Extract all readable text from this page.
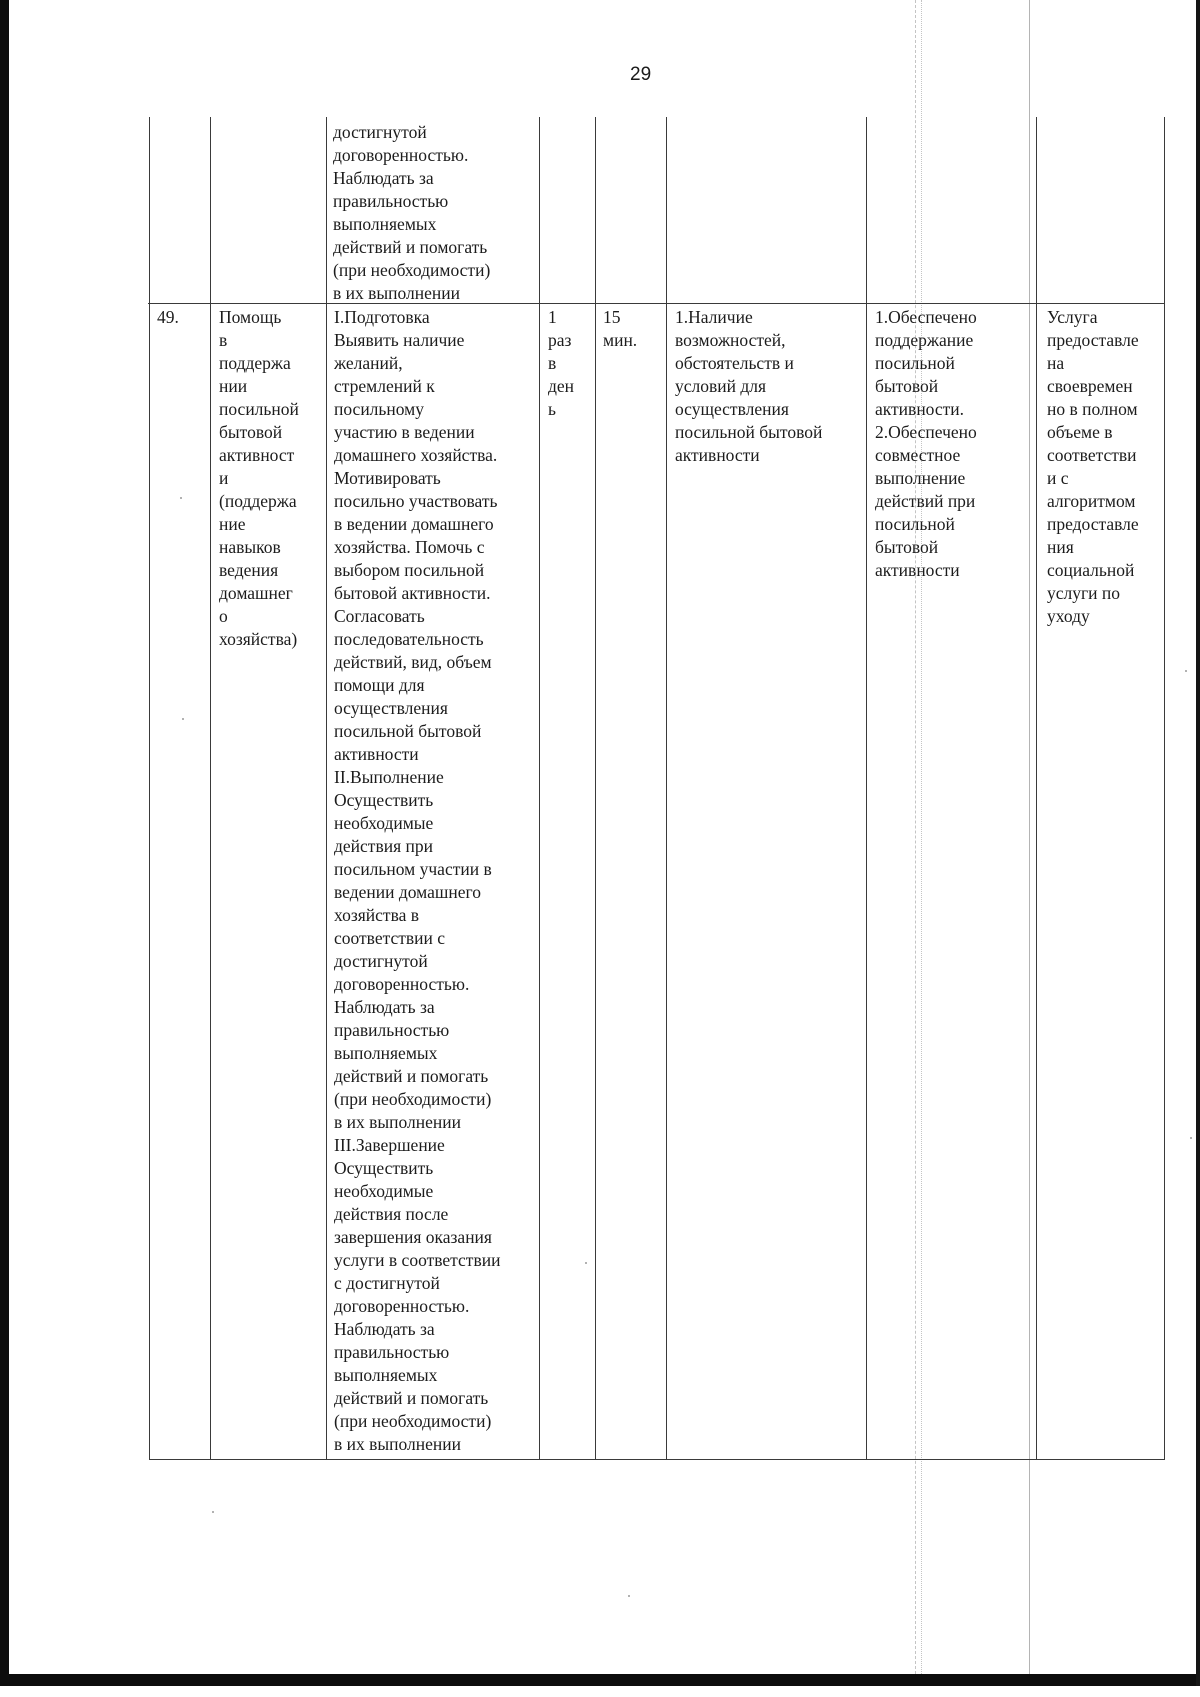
29
достигнутой
договоренностью.
Наблюдать за
правильностью
выполняемых
действий и помогать
(при необходимости)
в их выполнении
49. Помощь
в
поддержа
нии
посильной
бытовой
активност
и
(поддержа
ние
навыков
ведения
домашнег
о
хозяйства)
I.Подготовка
Выявить наличие
желаний,
стремлений к
посильному
участию в ведении
домашнего хозяйства.
Мотивировать
посильно участвовать
в ведении домашнего
хозяйства. Помочь с
выбором посильной
бытовой активности.
Согласовать
последовательность
действий, вид, объем
помощи для
осуществления
посильной бытовой
активности
II.Выполнение
Осуществить
необходимые
действия при
посильном участии в
ведении домашнего
хозяйства в
соответствии с
достигнутой
договоренностью.
Наблюдать за
правильностью
выполняемых
действий и помогать
(при необходимости)
в их выполнении
III.Завершение
Осуществить
необходимые
действия после
завершения оказания
услуги в соответствии
с достигнутой
договоренностью.
Наблюдать за
правильностью
выполняемых
действий и помогать
(при необходимости)
в их выполнении
1
раз
в
ден
ь
15
мин.
1.Наличие
возможностей,
обстоятельств и
условий для
осуществления
посильной бытовой
активности
1.Обеспечено
поддержание
посильной
бытовой
активности.
2.Обеспечено
совместное
выполнение
действий при
посильной
бытовой
активности
Услуга
предоставле
на
своевремен
но в полном
объеме в
соответстви
и с
алгоритмом
предоставле
ния
социальной
услуги по
уходу
